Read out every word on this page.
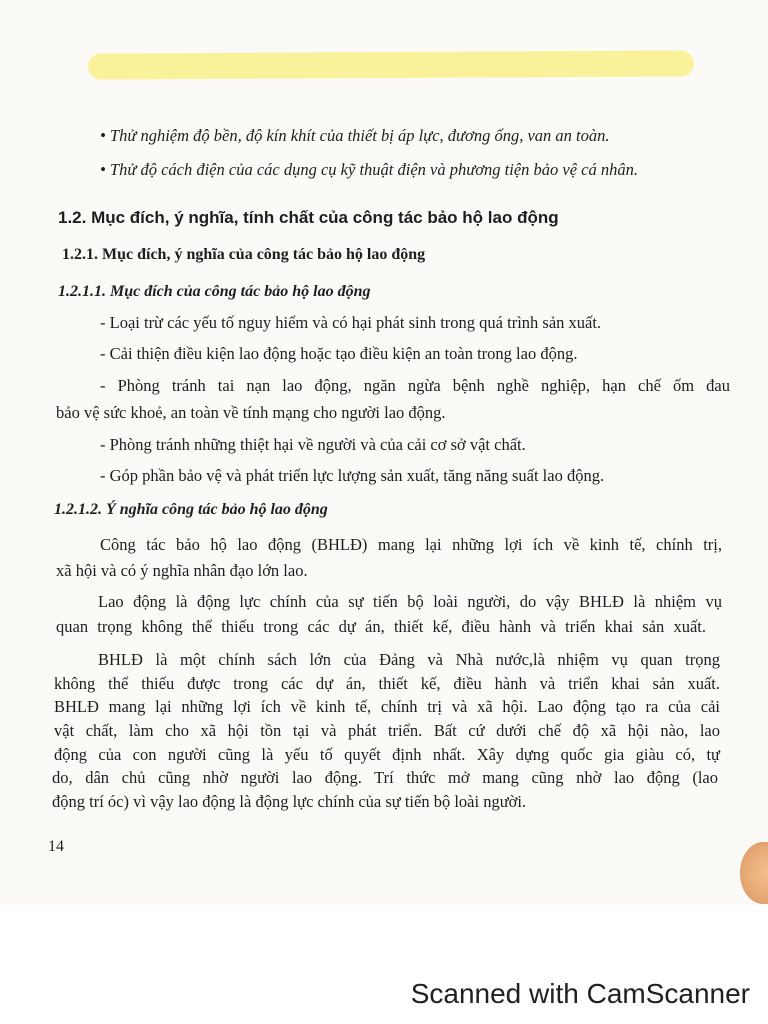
• Thử nghiệm độ bền, độ kín khít của thiết bị áp lực, đương ống, van an toàn.
• Thử độ cách điện của các dụng cụ kỹ thuật điện và phương tiện bảo vệ cá nhân.
1.2. Mục đích, ý nghĩa, tính chất của công tác bảo hộ lao động
1.2.1. Mục đích, ý nghĩa của công tác bảo hộ lao động
1.2.1.1. Mục đích của công tác bảo hộ lao động
- Loại trừ các yếu tố nguy hiểm và có hại phát sinh trong quá trình sản xuất.
- Cải thiện điều kiện lao động hoặc tạo điều kiện an toàn trong lao động.
- Phòng tránh tai nạn lao động, ngăn ngừa bệnh nghề nghiệp, hạn chế ốm đau
bảo vệ sức khoẻ, an toàn về tính mạng cho người lao động.
- Phòng tránh những thiệt hại về người và của cải cơ sở vật chất.
- Góp phần bảo vệ và phát triển lực lượng sản xuất, tăng năng suất lao động.
1.2.1.2. Ý nghĩa công tác bảo hộ lao động
Công tác bảo hộ lao động (BHLĐ) mang lại những lợi ích về kinh tế, chính trị,
xã hội và có ý nghĩa nhân đạo lớn lao.
Lao động là động lực chính của sự tiến bộ loài người, do vậy BHLĐ là nhiệm vụ
quan trọng không thể thiếu trong các dự án, thiết kế, điều hành và triển khai sản xuất.
BHLĐ là một chính sách lớn của Đảng và Nhà nước,là nhiệm vụ quan trọng
không thể thiếu được trong các dự án, thiết kế, điều hành và triển khai sản xuất.
BHLĐ mang lại những lợi ích về kinh tế, chính trị và xã hội. Lao động tạo ra của cải
vật chất, làm cho xã hội tồn tại và phát triển. Bất cứ dưới chế độ xã hội nào, lao
động của con người cũng là yếu tố quyết định nhất. Xây dựng quốc gia giàu có, tự
do, dân chủ cũng nhờ người lao động. Trí thức mở mang cũng nhờ lao động (lao
động trí óc) vì vậy lao động là động lực chính của sự tiến bộ loài người.
14
Scanned with CamScanner
